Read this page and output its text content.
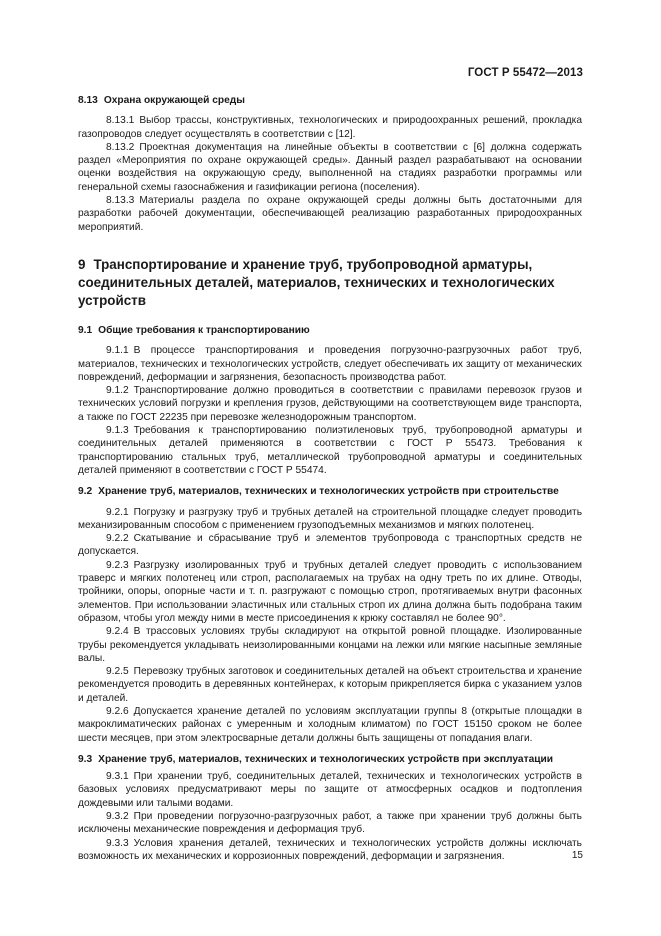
ГОСТ Р 55472—2013
8.13 Охрана окружающей среды

8.13.1 Выбор трассы, конструктивных, технологических и природоохранных решений, прокладка газопроводов следует осуществлять в соответствии с [12].

8.13.2 Проектная документация на линейные объекты в соответствии с [6] должна содержать раздел «Мероприятия по охране окружающей среды». Данный раздел разрабатывают на основании оценки воздействия на окружающую среду, выполненной на стадиях разработки программы или генеральной схемы газоснабжения и газификации региона (поселения).

8.13.3 Материалы раздела по охране окружающей среды должны быть достаточными для разработки рабочей документации, обеспечивающей реализацию разработанных природоохранных мероприятий.

9 Транспортирование и хранение труб, трубопроводной арматуры, соединительных деталей, материалов, технических и технологических устройств
9.1 Общие требования к транспортированию

9.1.1 В процессе транспортирования и проведения погрузочно-разгрузочных работ труб, материалов, технических и технологических устройств, следует обеспечивать их защиту от механических повреждений, деформации и загрязнения, безопасность производства работ.

9.1.2 Транспортирование должно проводиться в соответствии с правилами перевозок грузов и технических условий погрузки и крепления грузов, действующими на соответствующем виде транспорта, а также по ГОСТ 22235 при перевозке железнодорожным транспортом.

9.1.3 Требования к транспортированию полиэтиленовых труб, трубопроводной арматуры и соединительных деталей применяются в соответствии с ГОСТ Р 55473. Требования к транспортированию стальных труб, металлической трубопроводной арматуры и соединительных деталей применяют в соответствии с ГОСТ Р 55474.

9.2 Хранение труб, материалов, технических и технологических устройств при строительстве

9.2.1 Погрузку и разгрузку труб и трубных деталей на строительной площадке следует проводить механизированным способом с применением грузоподъемных механизмов и мягких полотенец.

9.2.2 Скатывание и сбрасывание труб и элементов трубопровода с транспортных средств не допускается.

9.2.3 Разгрузку изолированных труб и трубных деталей следует проводить с использованием траверс и мягких полотенец или строп, располагаемых на трубах на одну треть по их длине. Отводы, тройники, опоры, опорные части и т. п. разгружают с помощью строп, протягиваемых внутри фасонных элементов. При использовании эластичных или стальных строп их длина должна быть подобрана таким образом, чтобы угол между ними в месте присоединения к крюку составлял не более 90°.

9.2.4 В трассовых условиях трубы складируют на открытой ровной площадке. Изолированные трубы рекомендуется укладывать неизолированными концами на лежки или мягкие насыпные земляные валы.

9.2.5 Перевозку трубных заготовок и соединительных деталей на объект строительства и хранение рекомендуется проводить в деревянных контейнерах, к которым прикрепляется бирка с указанием узлов и деталей.

9.2.6 Допускается хранение деталей по условиям эксплуатации группы 8 (открытые площадки в макроклиматических районах с умеренным и холодным климатом) по ГОСТ 15150 сроком не более шести месяцев, при этом электросварные детали должны быть защищены от попадания влаги.

9.3 Хранение труб, материалов, технических и технологических устройств при эксплуатации

9.3.1 При хранении труб, соединительных деталей, технических и технологических устройств в базовых условиях предусматривают меры по защите от атмосферных осадков и подтопления дождевыми или талыми водами.

9.3.2 При проведении погрузочно-разгрузочных работ, а также при хранении труб должны быть исключены механические повреждения и деформация труб.

9.3.3 Условия хранения деталей, технических и технологических устройств должны исключать возможность их механических и коррозионных повреждений, деформации и загрязнения.	15
